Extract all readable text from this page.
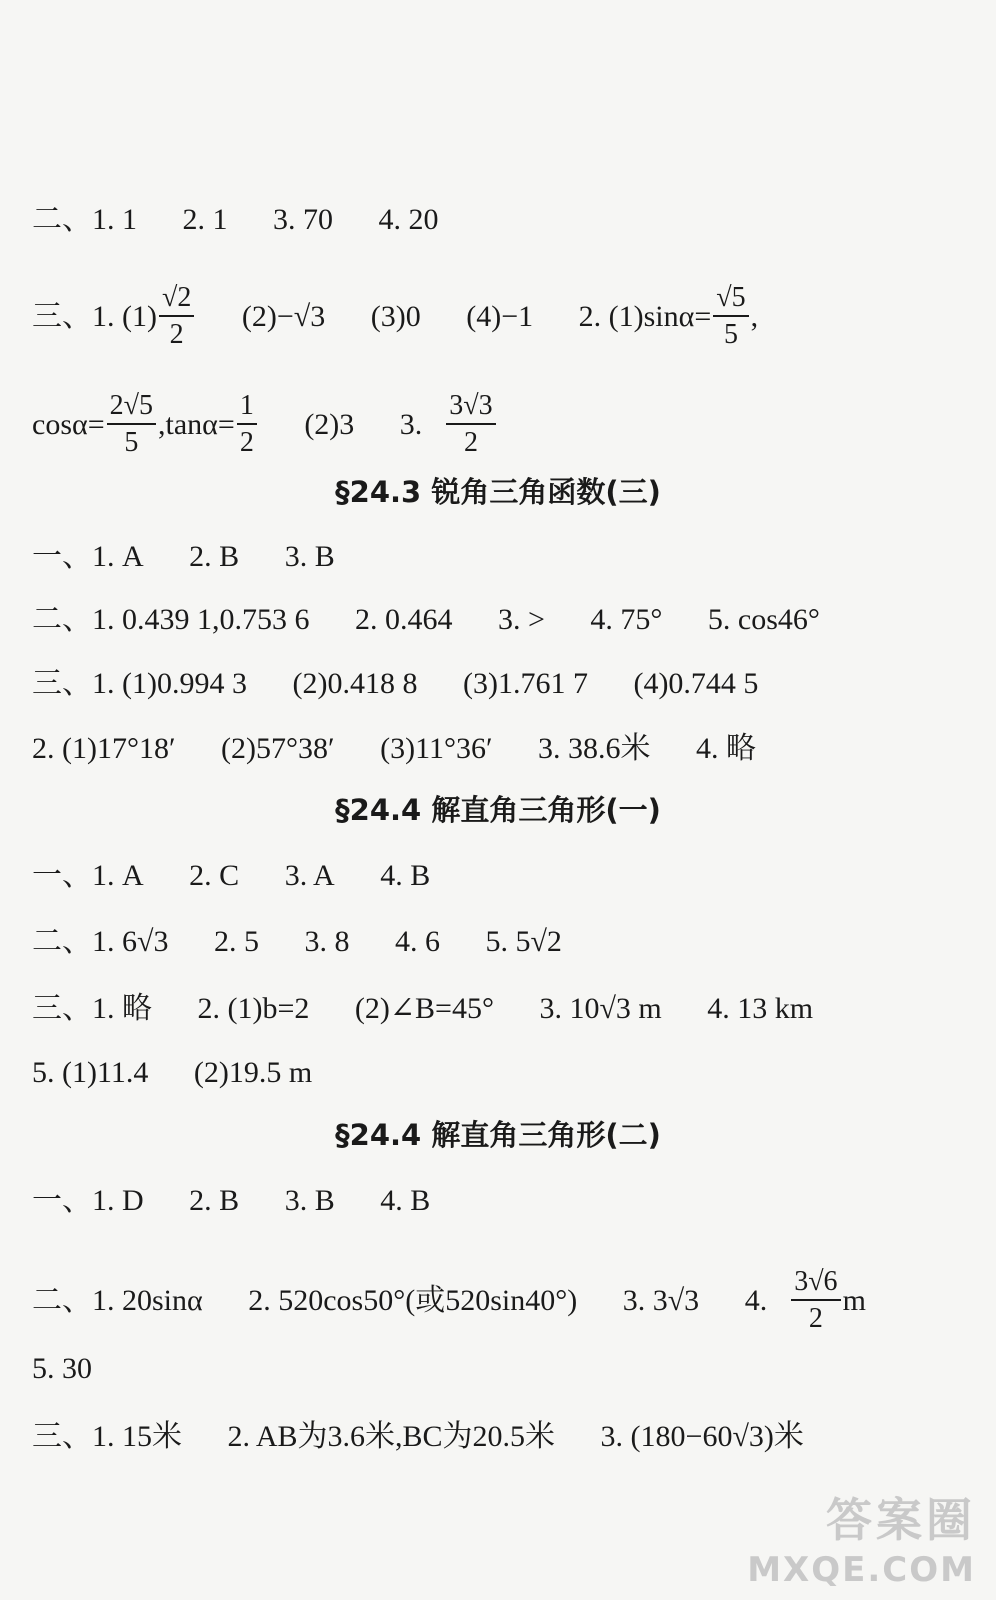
二、1. 1 2. 1 3. 70 4. 20
三、1. $(1) \frac{√2}{2} (2)-√3$ (3)0 (4)−1 2. $(1)\sin\alpha= \frac{√5}{5}$ ,
$\cos\alpha= \frac{2√5}{5} ,\tan\alpha= \frac{1}{2} (2)3$ 3. $\frac{3√3}{2}$
§24.3 锐角三角函数(三)
一、1. A 2. B 3. B
二、1. 0.439 1,0.753 6 2. 0.464 3. > 4. 75° 5. cos46°
三、1. (1)0.994 3 (2)0.418 8 (3)1.761 7 (4)0.744 5
2. (1)17°18′ (2)57°38′ (3)11°36′ 3. 38.6米 4. 略
§24.4 解直角三角形(一)
一、1. A 2. C 3. A 4. B
二、1. 6√3 2. 5 3. 8 4. 6 5. 5√2
三、1. 略 2. (1)b=2 (2)∠B=45° 3. 10√3 m 4. 13 km
5. (1)11.4 (2)19.5 m
§24.4 解直角三角形(二)
一、1. D 2. B 3. B 4. B
二、1. 20sinα 2. 520cos50°(或520sin40°) 3. 3√3 4. $\frac{3√6}{2}$ m
5. 30
三、1. 15米 2. AB为3.6米,BC为20.5米 3. (180−60√3)米
答案圈
MXQE.COM
